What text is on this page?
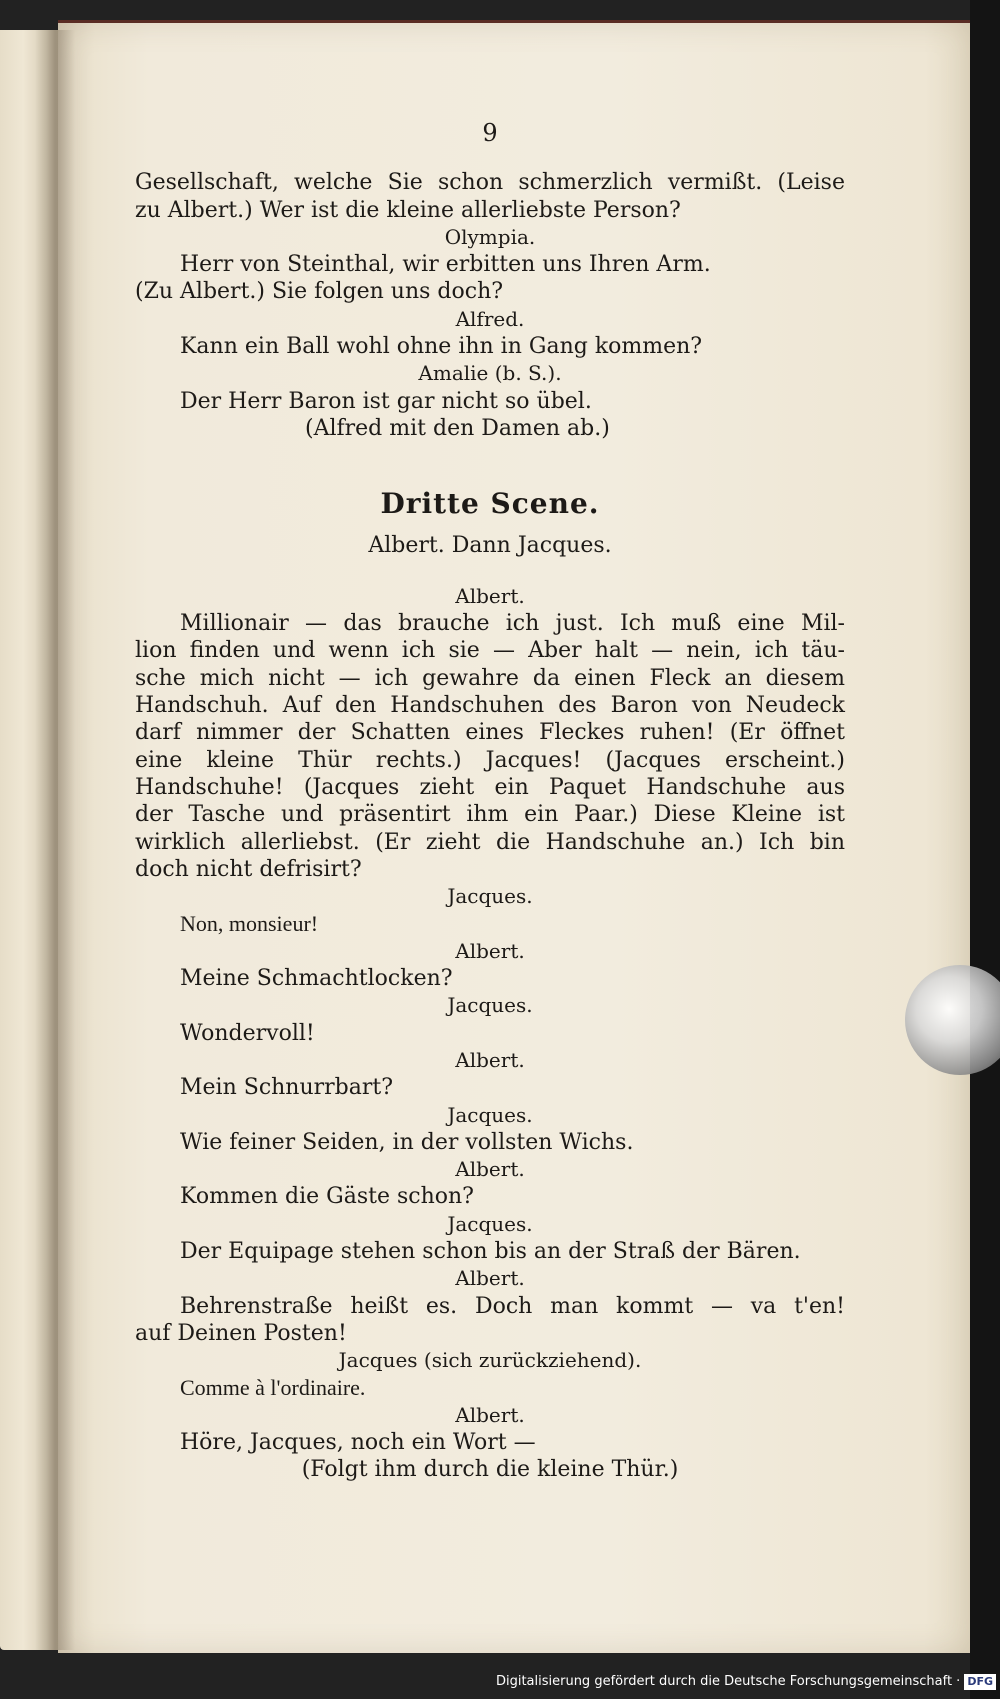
9
Gesellschaft, welche Sie schon schmerzlich vermißt. (Leise
zu Albert.) Wer ist die kleine allerliebste Person?
Olympia.
Herr von Steinthal, wir erbitten uns Ihren Arm.
(Zu Albert.) Sie folgen uns doch?
Alfred.
Kann ein Ball wohl ohne ihn in Gang kommen?
Amalie (b. S.).
Der Herr Baron ist gar nicht so übel.
(Alfred mit den Damen ab.)
Dritte Scene.
Albert. Dann Jacques.
Albert.
Millionair — das brauche ich just. Ich muß eine Mil-
lion finden und wenn ich sie — Aber halt — nein, ich täu-
sche mich nicht — ich gewahre da einen Fleck an diesem
Handschuh. Auf den Handschuhen des Baron von Neudeck
darf nimmer der Schatten eines Fleckes ruhen! (Er öffnet
eine kleine Thür rechts.) Jacques! (Jacques erscheint.)
Handschuhe! (Jacques zieht ein Paquet Handschuhe aus
der Tasche und präsentirt ihm ein Paar.) Diese Kleine ist
wirklich allerliebst. (Er zieht die Handschuhe an.) Ich bin
doch nicht defrisirt?
Jacques.
Non, monsieur!
Albert.
Meine Schmachtlocken?
Jacques.
Wondervoll!
Albert.
Mein Schnurrbart?
Jacques.
Wie feiner Seiden, in der vollsten Wichs.
Albert.
Kommen die Gäste schon?
Jacques.
Der Equipage stehen schon bis an der Straß der Bären.
Albert.
Behrenstraße heißt es. Doch man kommt — va t'en!
auf Deinen Posten!
Jacques (sich zurückziehend).
Comme à l'ordinaire.
Albert.
Höre, Jacques, noch ein Wort —
(Folgt ihm durch die kleine Thür.)
Digitalisierung gefördert durch die Deutsche Forschungsgemeinschaft · DFG
